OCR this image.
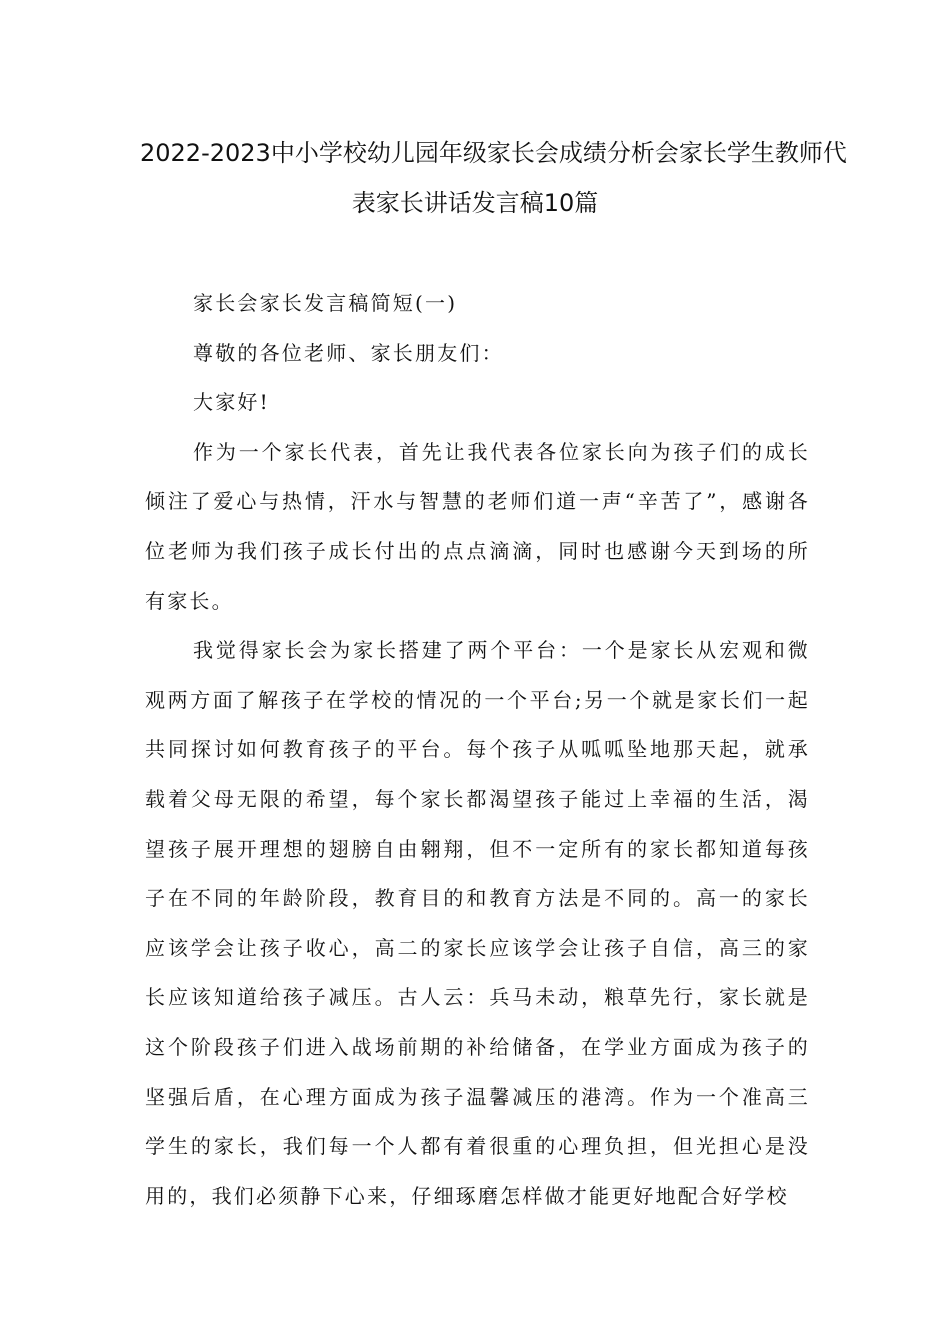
2022-2023中小学校幼儿园年级家长会成绩分析会家长学生教师代
表家长讲话发言稿10篇

家长会家长发言稿简短(一)

尊敬的各位老师、家长朋友们：

大家好!

作为一个家长代表，首先让我代表各位家长向为孩子们的成长倾注了爱心与热情，汗水与智慧的老师们道一声“辛苦了”，感谢各位老师为我们孩子成长付出的点点滴滴，同时也感谢今天到场的所有家长。

我觉得家长会为家长搭建了两个平台：一个是家长从宏观和微观两方面了解孩子在学校的情况的一个平台;另一个就是家长们一起共同探讨如何教育孩子的平台。每个孩子从呱呱坠地那天起，就承载着父母无限的希望，每个家长都渴望孩子能过上幸福的生活，渴望孩子展开理想的翅膀自由翱翔，但不一定所有的家长都知道每孩子在不同的年龄阶段，教育目的和教育方法是不同的。高一的家长应该学会让孩子收心，高二的家长应该学会让孩子自信，高三的家长应该知道给孩子减压。古人云：兵马未动，粮草先行，家长就是这个阶段孩子们进入战场前期的补给储备，在学业方面成为孩子的坚强后盾，在心理方面成为孩子温馨减压的港湾。作为一个准高三学生的家长，我们每一个人都有着很重的心理负担，但光担心是没用的，我们必须静下心来，仔细琢磨怎样做才能更好地配合好学校
